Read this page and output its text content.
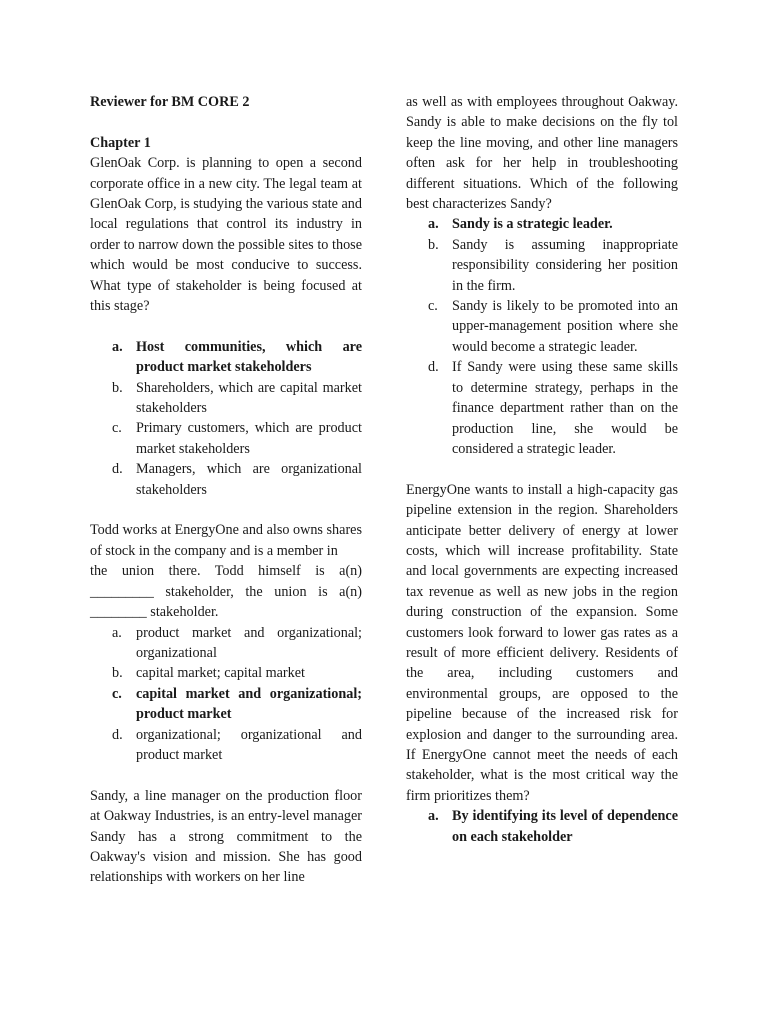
Reviewer for BM CORE 2

Chapter 1

GlenOak Corp. is planning to open a second corporate office in a new city. The legal team at GlenOak Corp, is studying the various state and local regulations that control its industry in order to narrow down the possible sites to those which would be most conducive to success. What type of stakeholder is being focused at this stage?

a. Host communities, which are product market stakeholders
b. Shareholders, which are capital market stakeholders
c. Primary customers, which are product market stakeholders
d. Managers, which are organizational stakeholders

Todd works at EnergyOne and also owns shares of stock in the company and is a member in

the union there. Todd himself is a(n) _________ stakeholder, the union is a(n) ________ stakeholder.

a. product market and organizational; organizational
b. capital market; capital market
c. capital market and organizational; product market
d. organizational; organizational and product market

Sandy, a line manager on the production floor at Oakway Industries, is an entry-level manager Sandy has a strong commitment to the Oakway's vision and mission. She has good relationships with workers on her line

as well as with employees throughout Oakway. Sandy is able to make decisions on the fly tol keep the line moving, and other line managers often ask for her help in troubleshooting different situations. Which of the following best characterizes Sandy?

a. Sandy is a strategic leader.
b. Sandy is assuming inappropriate responsibility considering her position in the firm.
c. Sandy is likely to be promoted into an upper-management position where she would become a strategic leader.
d. If Sandy were using these same skills to determine strategy, perhaps in the finance department rather than on the production line, she would be considered a strategic leader.

EnergyOne wants to install a high-capacity gas pipeline extension in the region. Shareholders anticipate better delivery of energy at lower costs, which will increase profitability. State and local governments are expecting increased tax revenue as well as new jobs in the region during construction of the expansion. Some customers look forward to lower gas rates as a result of more efficient delivery. Residents of the area, including customers and environmental groups, are opposed to the pipeline because of the increased risk for explosion and danger to the surrounding area. If EnergyOne cannot meet the needs of each stakeholder, what is the most critical way the firm prioritizes them?

a. By identifying its level of dependence on each stakeholder
